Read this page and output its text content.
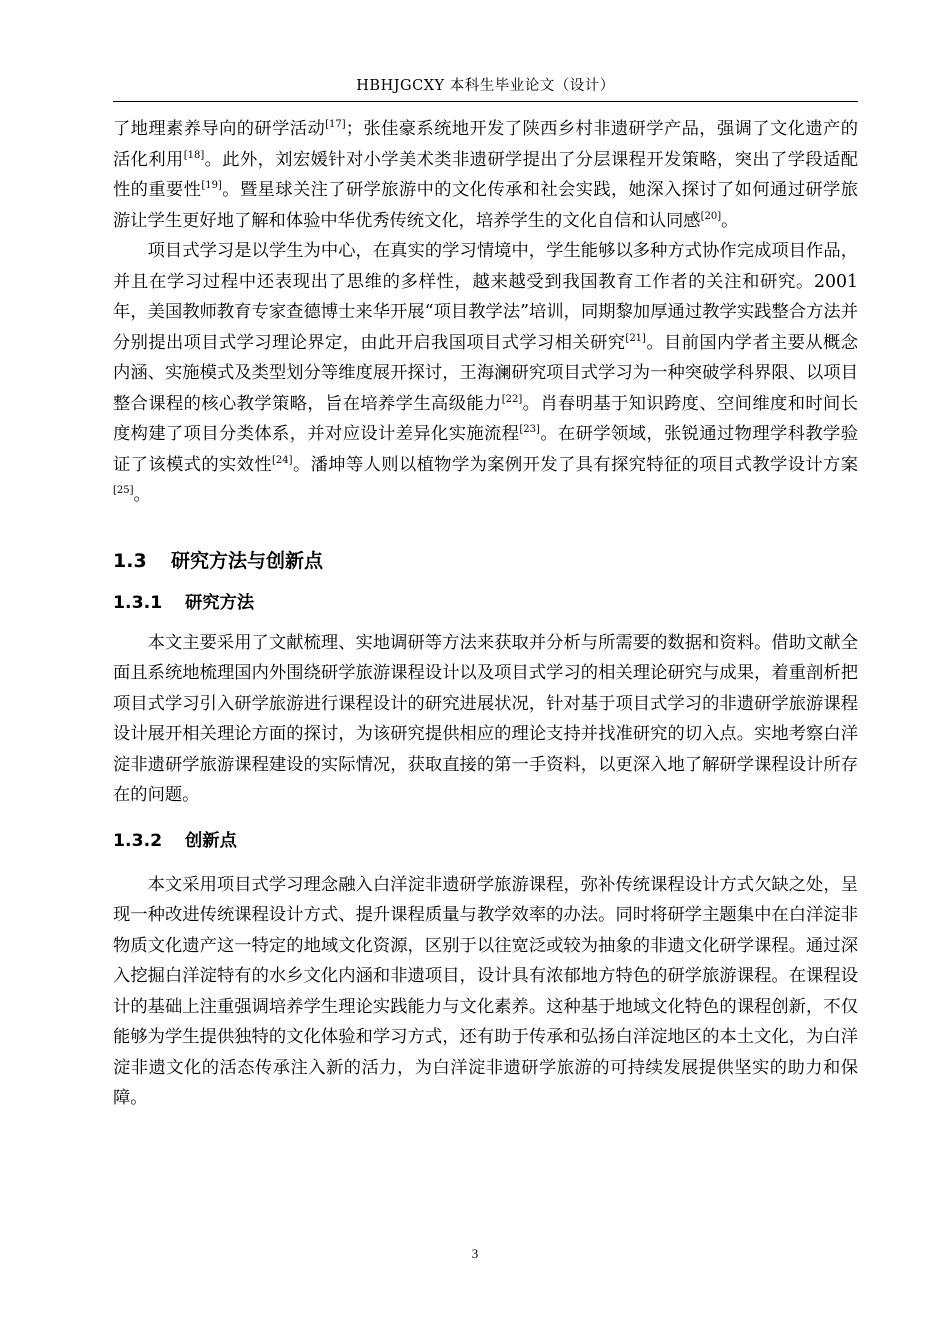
HBHJGCXY 本科生毕业论文（设计）

了地理素养导向的研学活动[17]；张佳豪系统地开发了陕西乡村非遗研学产品，强调了文化遗产的活化利用[18]。此外，刘宏媛针对小学美术类非遗研学提出了分层课程开发策略，突出了学段适配性的重要性[19]。暨星球关注了研学旅游中的文化传承和社会实践，她深入探讨了如何通过研学旅游让学生更好地了解和体验中华优秀传统文化，培养学生的文化自信和认同感[20]。

项目式学习是以学生为中心，在真实的学习情境中，学生能够以多种方式协作完成项目作品，并且在学习过程中还表现出了思维的多样性，越来越受到我国教育工作者的关注和研究。2001 年，美国教师教育专家查德博士来华开展“项目教学法”培训，同期黎加厚通过教学实践整合方法并分别提出项目式学习理论界定，由此开启我国项目式学习相关研究[21]。目前国内学者主要从概念内涵、实施模式及类型划分等维度展开探讨，王海澜研究项目式学习为一种突破学科界限、以项目整合课程的核心教学策略，旨在培养学生高级能力[22]。肖春明基于知识跨度、空间维度和时间长度构建了项目分类体系，并对应设计差异化实施流程[23]。在研学领域，张锐通过物理学科教学验证了该模式的实效性[24]。潘坤等人则以植物学为案例开发了具有探究特征的项目式教学设计方案[25]。

1.3 研究方法与创新点
1.3.1 研究方法

本文主要采用了文献梳理、实地调研等方法来获取并分析与所需要的数据和资料。借助文献全面且系统地梳理国内外围绕研学旅游课程设计以及项目式学习的相关理论研究与成果，着重剖析把项目式学习引入研学旅游进行课程设计的研究进展状况，针对基于项目式学习的非遗研学旅游课程设计展开相关理论方面的探讨，为该研究提供相应的理论支持并找准研究的切入点。实地考察白洋淀非遗研学旅游课程建设的实际情况，获取直接的第一手资料，以更深入地了解研学课程设计所存在的问题。

1.3.2 创新点

本文采用项目式学习理念融入白洋淀非遗研学旅游课程，弥补传统课程设计方式欠缺之处，呈现一种改进传统课程设计方式、提升课程质量与教学效率的办法。同时将研学主题集中在白洋淀非物质文化遗产这一特定的地域文化资源，区别于以往宽泛或较为抽象的非遗文化研学课程。通过深入挖掘白洋淀特有的水乡文化内涵和非遗项目，设计具有浓郁地方特色的研学旅游课程。在课程设计的基础上注重强调培养学生理论实践能力与文化素养。这种基于地域文化特色的课程创新，不仅能够为学生提供独特的文化体验和学习方式，还有助于传承和弘扬白洋淀地区的本土文化，为白洋淀非遗文化的活态传承注入新的活力，为白洋淀非遗研学旅游的可持续发展提供坚实的助力和保障。

3
